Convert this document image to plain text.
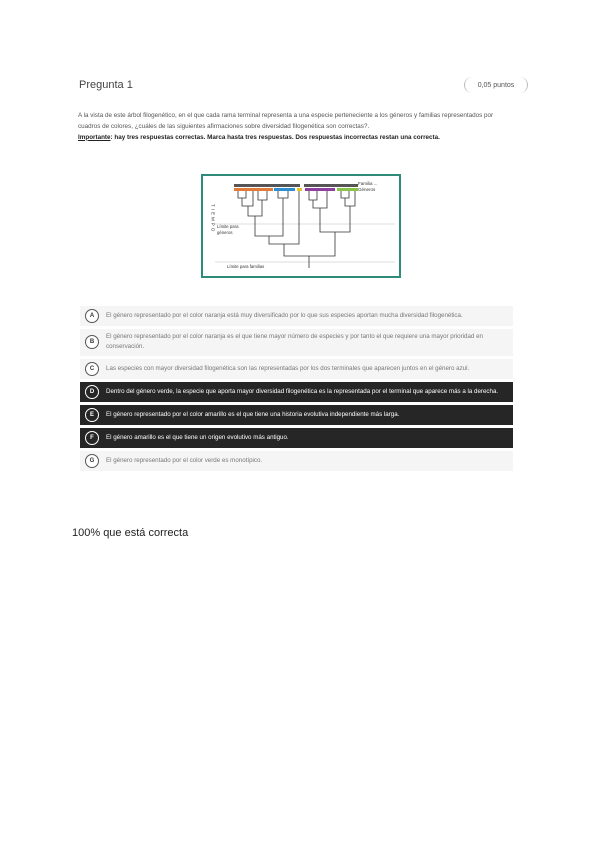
Pregunta 1	0,05 puntos

A la vista de este árbol filogenético, en el que cada rama terminal representa a una especie perteneciente a los géneros y familias representados por cuadros de colores, ¿cuáles de las siguientes afirmaciones sobre diversidad filogenética son correctas?.

Importante: hay tres respuestas correctas. Marca hasta tres respuestas. Dos respuestas incorrectas restan una correcta.

Familia ...
Géneros
Límite para
géneros
Límite para familias
TIEMPO
A	El género representado por el color naranja está muy diversificado por lo que sus especies aportan mucha diversidad filogenética.
B
El género representado por el color naranja es el que tiene mayor número de especies y por tanto el que requiere una mayor prioridad en conservación.
C	Las especies con mayor diversidad filogenética son las representadas por los dos terminales que aparecen juntos en el género azul.
D	Dentro del género verde, la especie que aporta mayor diversidad filogenética es la representada por el terminal que aparece más a la derecha.
E	El género representado por el color amarillo es el que tiene una historia evolutiva independiente más larga.
F	El género amarillo es el que tiene un origen evolutivo más antiguo.
G	El género representado por el color verde es monotípico.
100% que está correcta
